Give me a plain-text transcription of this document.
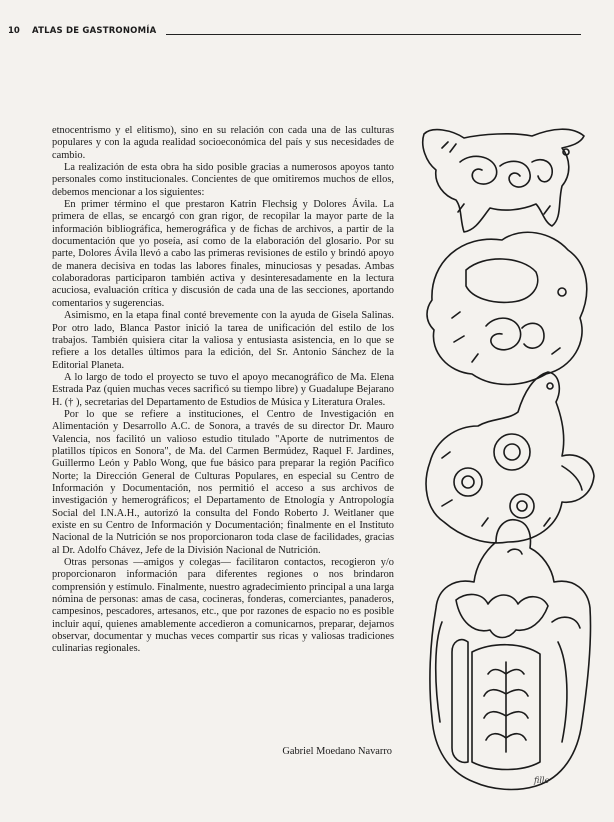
10 ATLAS DE GASTRONOMÍA

etnocentrismo y el elitismo), sino en su relación con cada una de las culturas populares y con la aguda realidad socioeconómica del país y sus necesidades de cambio.

La realización de esta obra ha sido posible gracias a numerosos apoyos tanto personales como institucionales. Concientes de que omitiremos muchos de ellos, debemos mencionar a los siguientes:

En primer término el que prestaron Katrin Flechsig y Dolores Ávila. La primera de ellas, se encargó con gran rigor, de recopilar la mayor parte de la información bibliográfica, hemerográfica y de fichas de archivos, a partir de la documentación que yo poseía, así como de la elaboración del glosario. Por su parte, Dolores Ávila llevó a cabo las primeras revisiones de estilo y brindó apoyo de manera decisiva en todas las labores finales, minuciosas y pesadas. Ambas colaboradoras participaron también activa y desinteresadamente en la lectura acuciosa, evaluación crítica y discusión de cada una de las secciones, aportando comentarios y sugerencias.

Asimismo, en la etapa final conté brevemente con la ayuda de Gisela Salinas. Por otro lado, Blanca Pastor inició la tarea de unificación del estilo de los trabajos. También quisiera citar la valiosa y entusiasta asistencia, en lo que se refiere a los detalles últimos para la edición, del Sr. Antonio Sánchez de la Editorial Planeta.

A lo largo de todo el proyecto se tuvo el apoyo mecanográfico de Ma. Elena Estrada Paz (quien muchas veces sacrificó su tiempo libre) y Guadalupe Bejarano H. († ), secretarias del Departamento de Estudios de Música y Literatura Orales.

Por lo que se refiere a instituciones, el Centro de Investigación en Alimentación y Desarrollo A.C. de Sonora, a través de su director Dr. Mauro Valencia, nos facilitó un valioso estudio titulado "Aporte de nutrimentos de platillos típicos en Sonora", de Ma. del Carmen Bermúdez, Raquel F. Jardines, Guillermo León y Pablo Wong, que fue básico para preparar la región Pacífico Norte; la Dirección General de Culturas Populares, en especial su Centro de Información y Documentación, nos permitió el acceso a sus archivos de investigación y hemerográficos; el Departamento de Etnología y Antropología Social del I.N.A.H., autorizó la consulta del Fondo Roberto J. Weitlaner que existe en su Centro de Información y Documentación; finalmente en el Instituto Nacional de la Nutrición se nos proporcionaron toda clase de facilidades, gracias al Dr. Adolfo Chávez, Jefe de la División Nacional de Nutrición.

Otras personas —amigos y colegas— facilitaron contactos, recogieron y/o proporcionaron información para diferentes regiones o nos brindaron comprensión y estímulo. Finalmente, nuestro agradecimiento principal a una larga nómina de personas: amas de casa, cocineras, fonderas, comerciantes, panaderos, campesinos, pescadores, artesanos, etc., que por razones de espacio no es posible incluir aquí, quienes amablemente accedieron a comunicarnos, preparar, dejarnos observar, documentar y muchas veces compartir sus ricas y valiosas tradiciones culinarias regionales.

Gabriel Moedano Navarro
fille
